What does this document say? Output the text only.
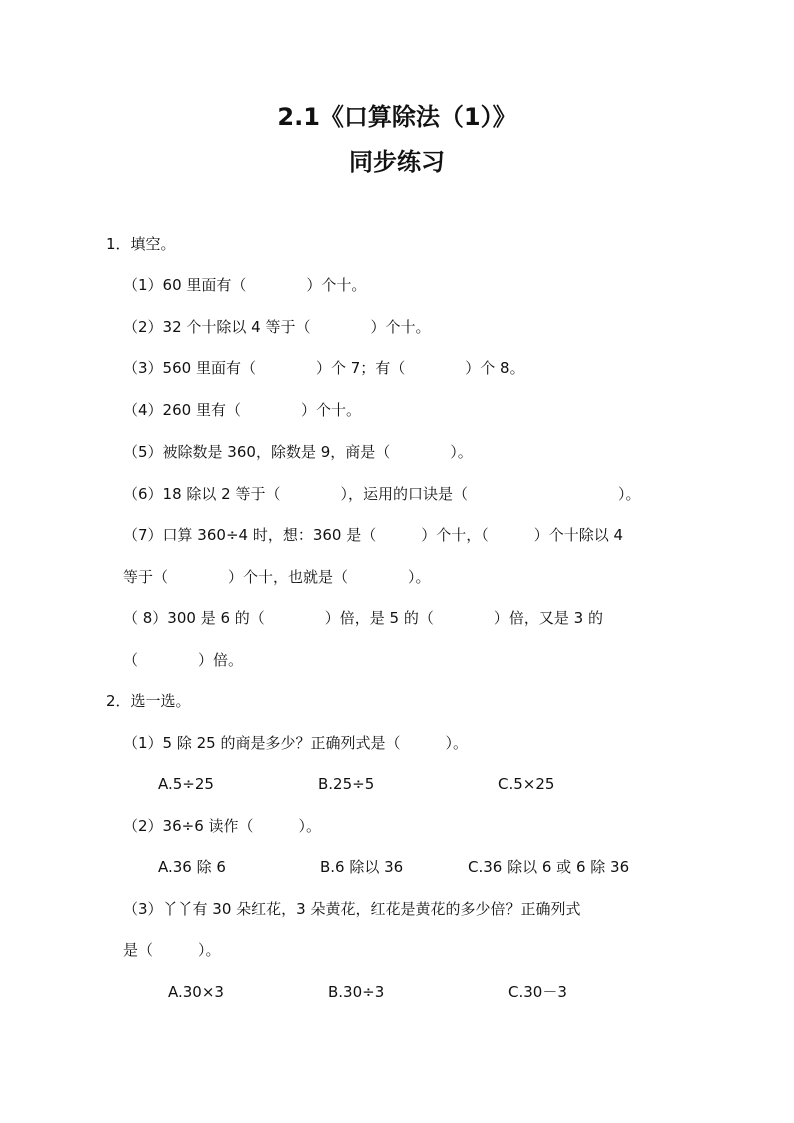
2.1《口算除法（1）》
同步练习
1．填空。
（1）60 里面有（　　　　）个十。
（2）32 个十除以 4 等于（　　　　）个十。
（3）560 里面有（　　　　）个 7；有（　　　　）个 8。
（4）260 里有（　　　　）个十。
（5）被除数是 360，除数是 9，商是（　　　　）。
（6）18 除以 2 等于（　　　　），运用的口诀是（　　　　　　　　　　）。
（7）口算 360÷4 时，想：360 是（　　　）个十，（　　　）个十除以 4
等于（　　　　）个十，也就是（　　　　）。
（ 8）300 是 6 的（　　　　）倍，是 5 的（　　　　）倍，又是 3 的
（　　　　）倍。
2．选一选。
（1）5 除 25 的商是多少？正确列式是（　　　）。
A.5÷25	B.25÷5	C.5×25
（2）36÷6 读作（　　　）。
A.36 除 6	B.6 除以 36	C.36 除以 6 或 6 除 36
（3）丫丫有 30 朵红花，3 朵黄花，红花是黄花的多少倍？正确列式
是（　　　）。
A.30×3	B.30÷3	C.30－3
